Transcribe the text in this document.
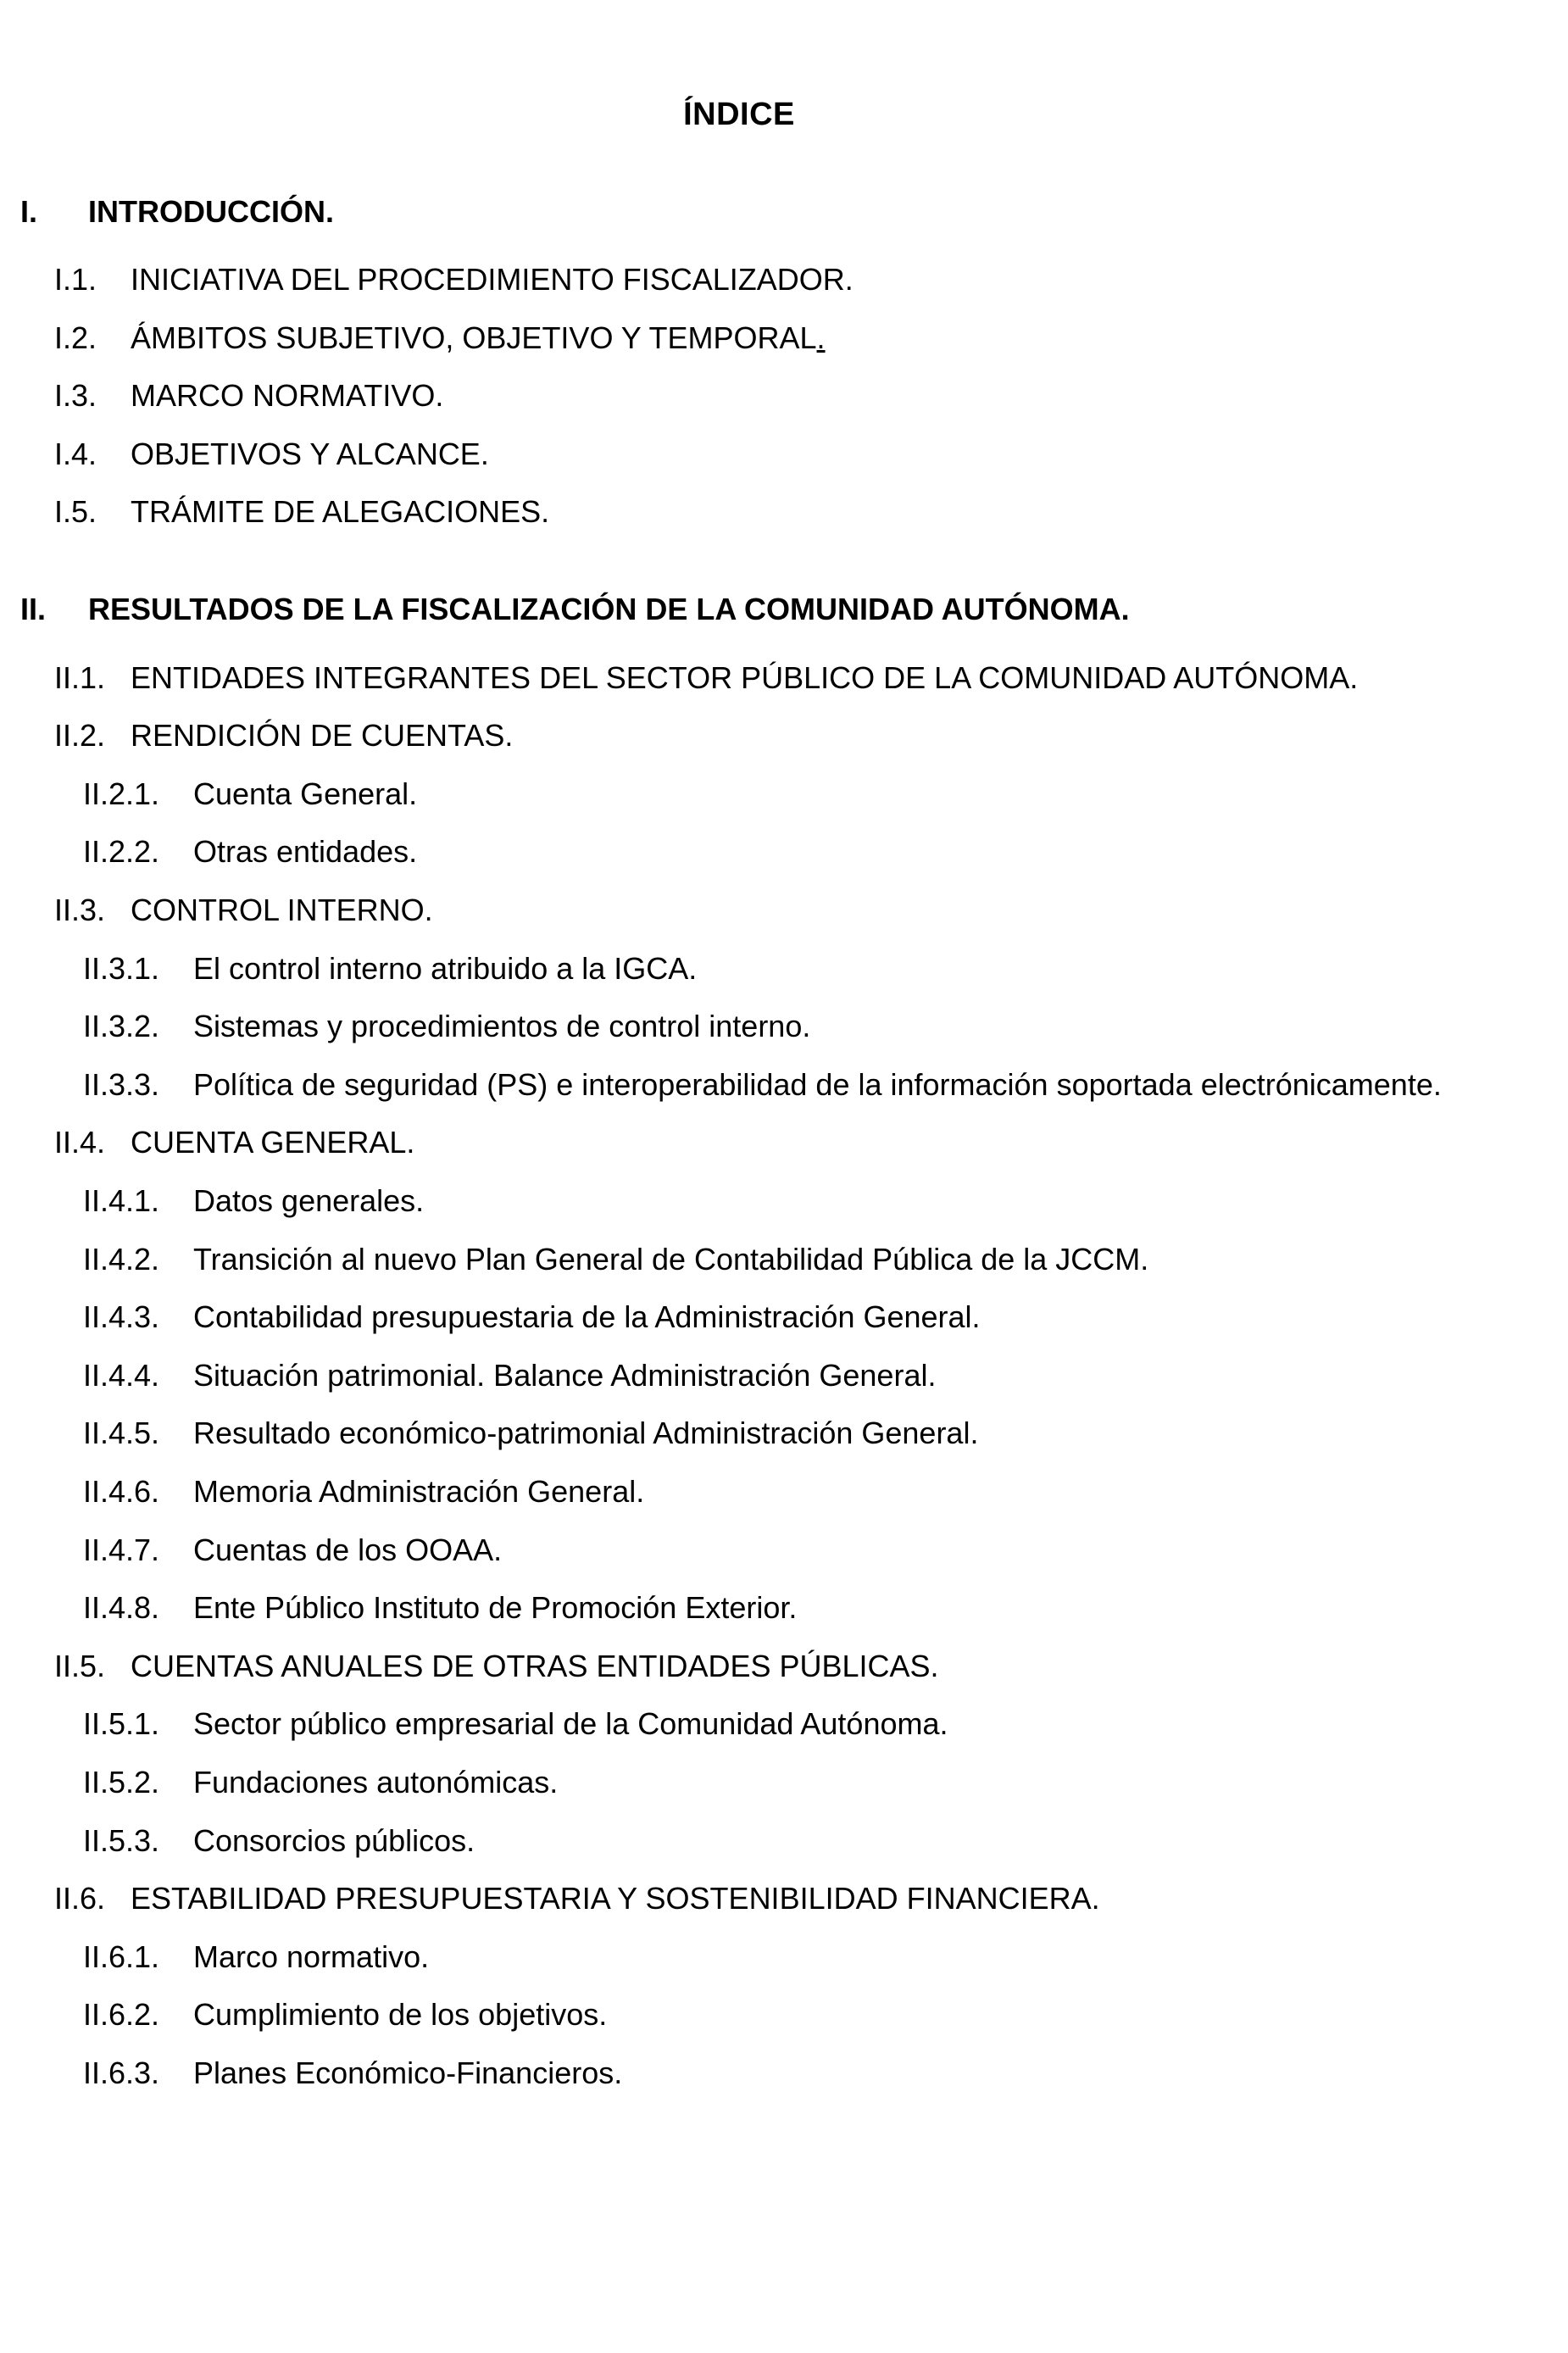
ÍNDICE
I.	INTRODUCCIÓN.
I.1.	INICIATIVA DEL PROCEDIMIENTO FISCALIZADOR.
I.2.	ÁMBITOS SUBJETIVO, OBJETIVO Y TEMPORAL.
I.3.	MARCO NORMATIVO.
I.4.	OBJETIVOS Y ALCANCE.
I.5.	TRÁMITE DE ALEGACIONES.
II.	RESULTADOS DE LA FISCALIZACIÓN DE LA COMUNIDAD AUTÓNOMA.
II.1. ENTIDADES INTEGRANTES DEL SECTOR PÚBLICO DE LA COMUNIDAD AUTÓNOMA.
II.2. RENDICIÓN DE CUENTAS.
II.2.1.	Cuenta General.
II.2.2.	Otras entidades.
II.3. CONTROL INTERNO.
II.3.1.	El control interno atribuido a la IGCA.
II.3.2.	Sistemas y procedimientos de control interno.
II.3.3.	Política de seguridad (PS) e interoperabilidad de la información soportada electrónicamente.
II.4. CUENTA GENERAL.
II.4.1.	Datos generales.
II.4.2.	Transición al nuevo Plan General de Contabilidad Pública de la JCCM.
II.4.3.	Contabilidad presupuestaria de la Administración General.
II.4.4.	Situación patrimonial. Balance Administración General.
II.4.5.	Resultado económico-patrimonial Administración General.
II.4.6.	Memoria Administración General.
II.4.7.	Cuentas de los OOAA.
II.4.8.	Ente Público Instituto de Promoción Exterior.
II.5. CUENTAS ANUALES DE OTRAS ENTIDADES PÚBLICAS.
II.5.1.	Sector público empresarial de la Comunidad Autónoma.
II.5.2.	Fundaciones autonómicas.
II.5.3.	Consorcios públicos.
II.6. ESTABILIDAD PRESUPUESTARIA Y SOSTENIBILIDAD FINANCIERA.
II.6.1.	Marco normativo.
II.6.2.	Cumplimiento de los objetivos.
II.6.3.	Planes Económico-Financieros.
